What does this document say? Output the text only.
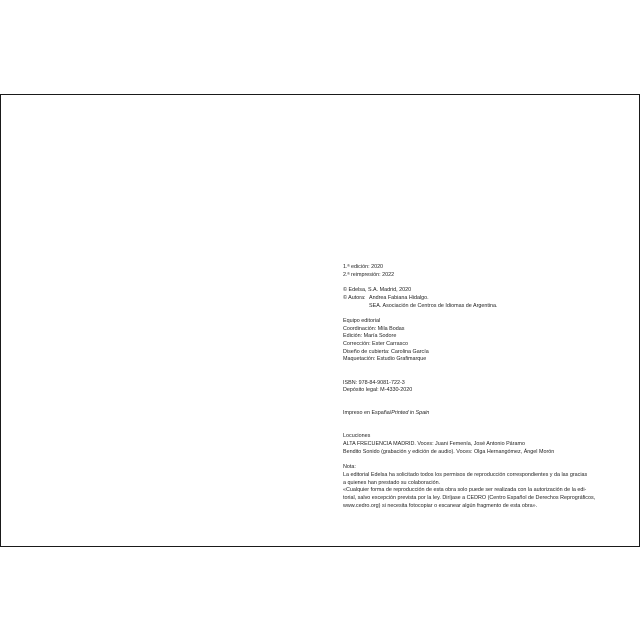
1.ª edición: 2020
2.ª reimpresión: 2022
© Edelsa, S.A. Madrid, 2020
© Autora: Andrea Fabiana Hidalgo.
SEA. Asociación de Centros de Idiomas de Argentina.
Equipo editorial
Coordinación: Mila Bodas
Edición: María Sodore
Corrección: Ester Carrasco
Diseño de cubierta: Carolina García
Maquetación: Estudio Grafimarque
ISBN: 978-84-9081-722-3
Depósito legal: M-4330-2020
Impreso en España/Printed in Spain
Locuciones
ALTA FRECUENCIA MADRID. Voces: Juani Femenía, José Antonio Páramo
Bendito Sonido (grabación y edición de audio). Voces: Olga Hernangómez, Ángel Morón
Nota:
La editorial Edelsa ha solicitado todos los permisos de reproducción correspondientes y da las gracias
a quienes han prestado su colaboración.
«Cualquier forma de reproducción de esta obra solo puede ser realizada con la autorización de la edi-
torial, salvo excepción prevista por la ley. Diríjase a CEDRO (Centro Español de Derechos Reprográficos,
www.cedro.org) si necesita fotocopiar o escanear algún fragmento de esta obra».
